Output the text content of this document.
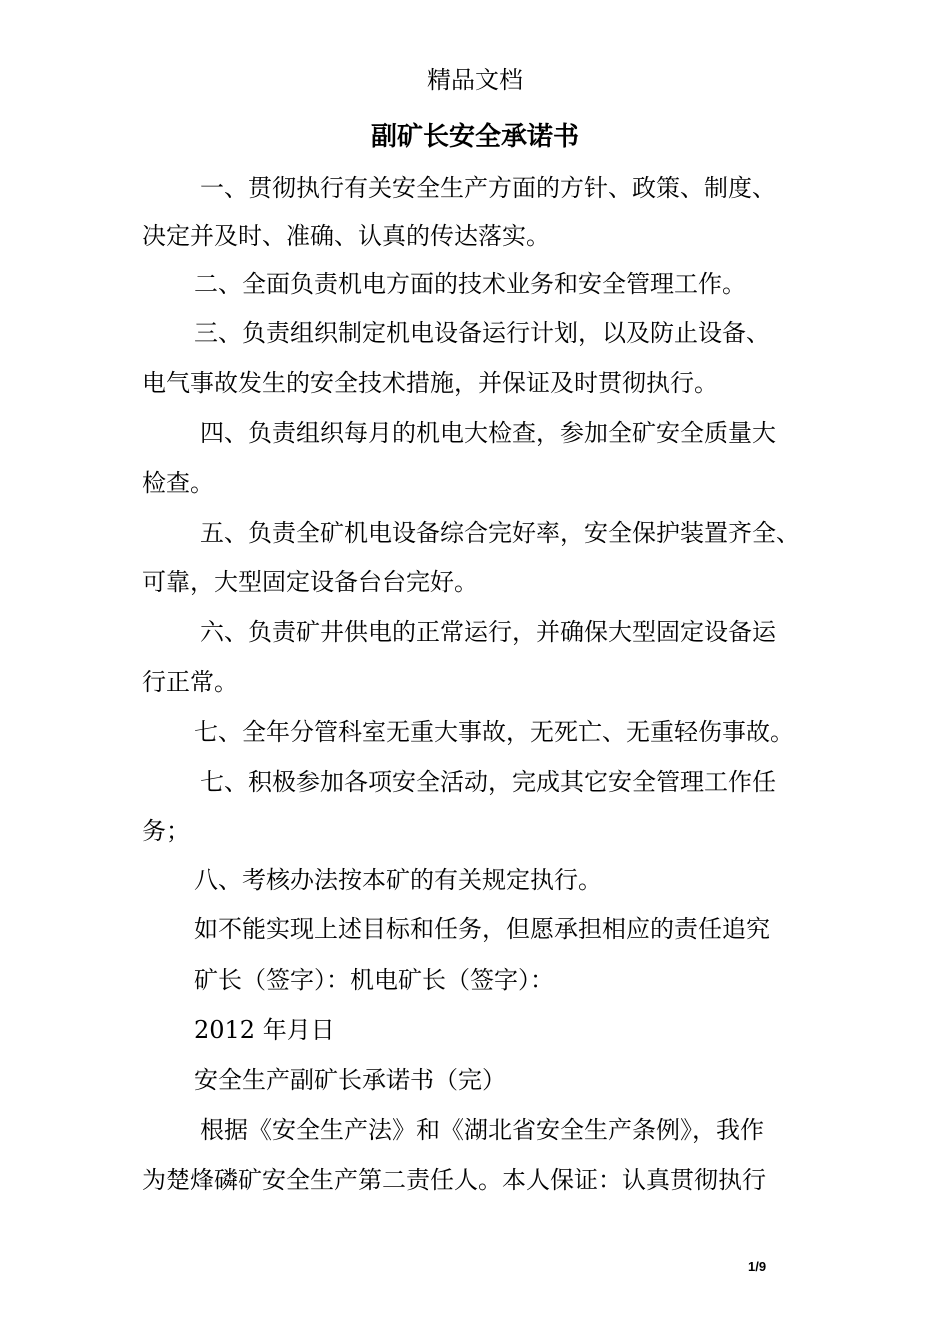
精品文档
副矿长安全承诺书
一、贯彻执行有关安全生产方面的方针、政策、制度、
决定并及时、准确、认真的传达落实。
二、全面负责机电方面的技术业务和安全管理工作。
三、负责组织制定机电设备运行计划，以及防止设备、
电气事故发生的安全技术措施，并保证及时贯彻执行。
四、负责组织每月的机电大检查，参加全矿安全质量大
检查。
五、负责全矿机电设备综合完好率，安全保护装置齐全、
可靠，大型固定设备台台完好。
六、负责矿井供电的正常运行，并确保大型固定设备运
行正常。
七、全年分管科室无重大事故，无死亡、无重轻伤事故。
七、积极参加各项安全活动，完成其它安全管理工作任
务；
八、考核办法按本矿的有关规定执行。
如不能实现上述目标和任务，但愿承担相应的责任追究
矿长（签字）：机电矿长（签字）：
2012 年月日
安全生产副矿长承诺书（完）
根据《安全生产法》和《湖北省安全生产条例》，我作
为楚烽磷矿安全生产第二责任人。本人保证：认真贯彻执行
1/9
